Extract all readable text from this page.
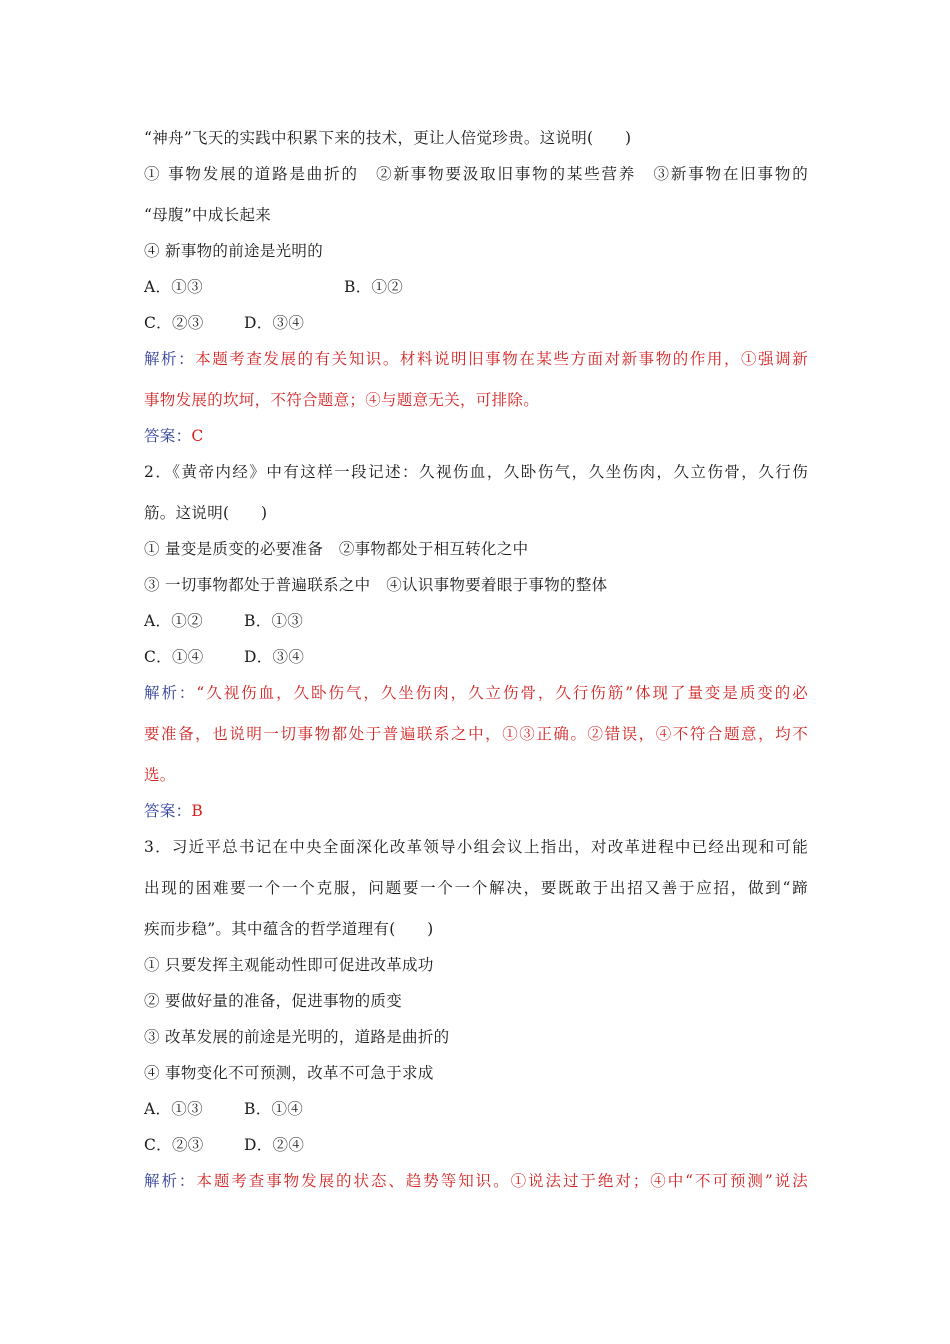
“神舟”飞天的实践中积累下来的技术，更让人倍觉珍贵。这说明(　　)
① 事物发展的道路是曲折的　②新事物要汲取旧事物的某些营养　③新事物在旧事物的
“母腹”中成长起来
④ 新事物的前途是光明的
A．①③	B．①②
C．②③	D．③④
解析：本题考查发展的有关知识。材料说明旧事物在某些方面对新事物的作用，①强调新
事物发展的坎坷，不符合题意；④与题意无关，可排除。
答案：C
2．《黄帝内经》中有这样一段记述：久视伤血，久卧伤气，久坐伤肉，久立伤骨，久行伤
筋。这说明(　　)
① 量变是质变的必要准备　②事物都处于相互转化之中
③ 一切事物都处于普遍联系之中　④认识事物要着眼于事物的整体
A．①②	B．①③
C．①④	D．③④
解析：“久视伤血，久卧伤气，久坐伤肉，久立伤骨，久行伤筋”体现了量变是质变的必
要准备，也说明一切事物都处于普遍联系之中，①③正确。②错误，④不符合题意，均不
选。
答案：B
3．习近平总书记在中央全面深化改革领导小组会议上指出，对改革进程中已经出现和可能
出现的困难要一个一个克服，问题要一个一个解决，要既敢于出招又善于应招，做到“蹄
疾而步稳”。其中蕴含的哲学道理有(　　)
① 只要发挥主观能动性即可促进改革成功
② 要做好量的准备，促进事物的质变
③ 改革发展的前途是光明的，道路是曲折的
④ 事物变化不可预测，改革不可急于求成
A．①③	B．①④
C．②③	D．②④
解析：本题考查事物发展的状态、趋势等知识。①说法过于绝对；④中“不可预测”说法
